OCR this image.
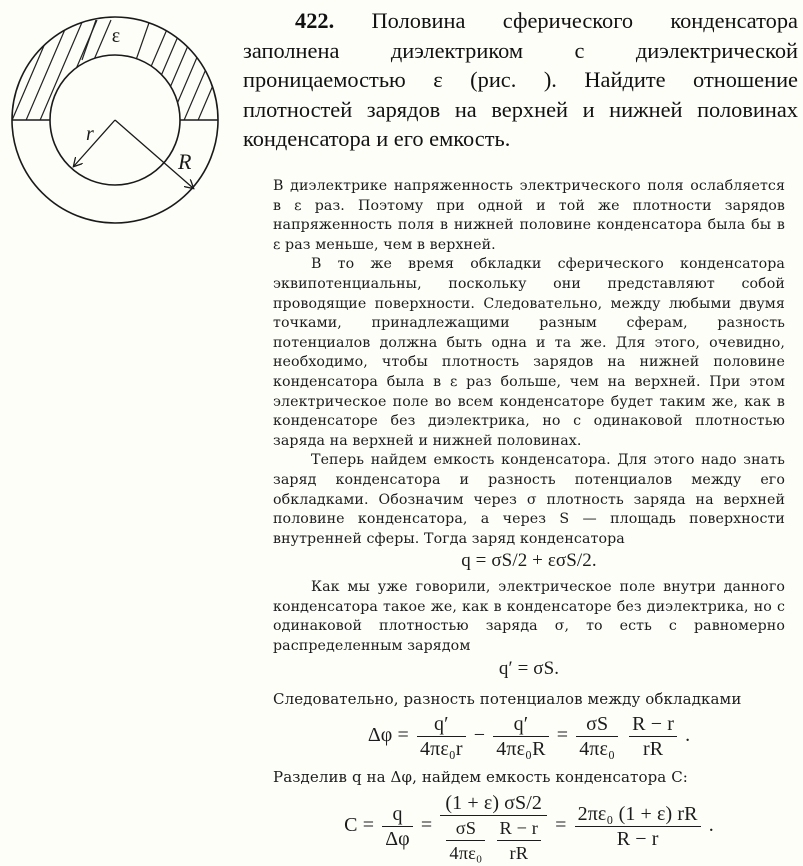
ε
r
R

422. Половина сферического конденсатора заполнена диэлектриком с диэлектрической проницаемостью ε (рис. ). Найдите отношение плотностей зарядов на верхней и нижней половинах конденсатора и его емкость.

В диэлектрике напряженность электрического поля ослабляется в ε раз. Поэтому при одной и той же плотности зарядов напряженность поля в нижней половине конденсатора была бы в ε раз меньше, чем в верхней.

В то же время обкладки сферического конденсатора эквипотенциальны, поскольку они представляют собой проводящие поверхности. Следовательно, между любыми двумя точками, принадлежащими разным сферам, разность потенциалов должна быть одна и та же. Для этого, очевидно, необходимо, чтобы плотность зарядов на нижней половине конденсатора была в ε раз больше, чем на верхней. При этом электрическое поле во всем конденсаторе будет таким же, как в конденсаторе без диэлектрика, но с одинаковой плотностью заряда на верхней и нижней половинах.

Теперь найдем емкость конденсатора. Для этого надо знать заряд конденсатора и разность потенциалов между его обкладками. Обозначим через σ плотность заряда на верхней половине конденсатора, а через S — площадь поверхности внутренней сферы. Тогда заряд конденсатора

q = σS/2 + εσS/2.

Как мы уже говорили, электрическое поле внутри данного конденсатора такое же, как в конденсаторе без диэлектрика, но с одинаковой плотностью заряда σ, то есть с равномерно распределенным зарядом

q′ = σS.

Следовательно, разность потенциалов между обкладками

$\Delta\varphi = \frac{q'}{\text{4πε₀r}} - \frac{q'}{\text{4πε₀R}} = \frac{\sigma S}{\text{4πε₀}}$
$\frac{R - r}{rR}$ .

Разделив q на Δφ, найдем емкость конденсатора C:

$C = \frac{q}{\Delta\varphi}$ =
(1 + ε) σS/2
$\frac{\sigma S}{\text{4πε₀}}$
$\frac{R - r}{rR} = \frac{\text{2πε₀ (1 + ε) rR}}{R - r}$ .
